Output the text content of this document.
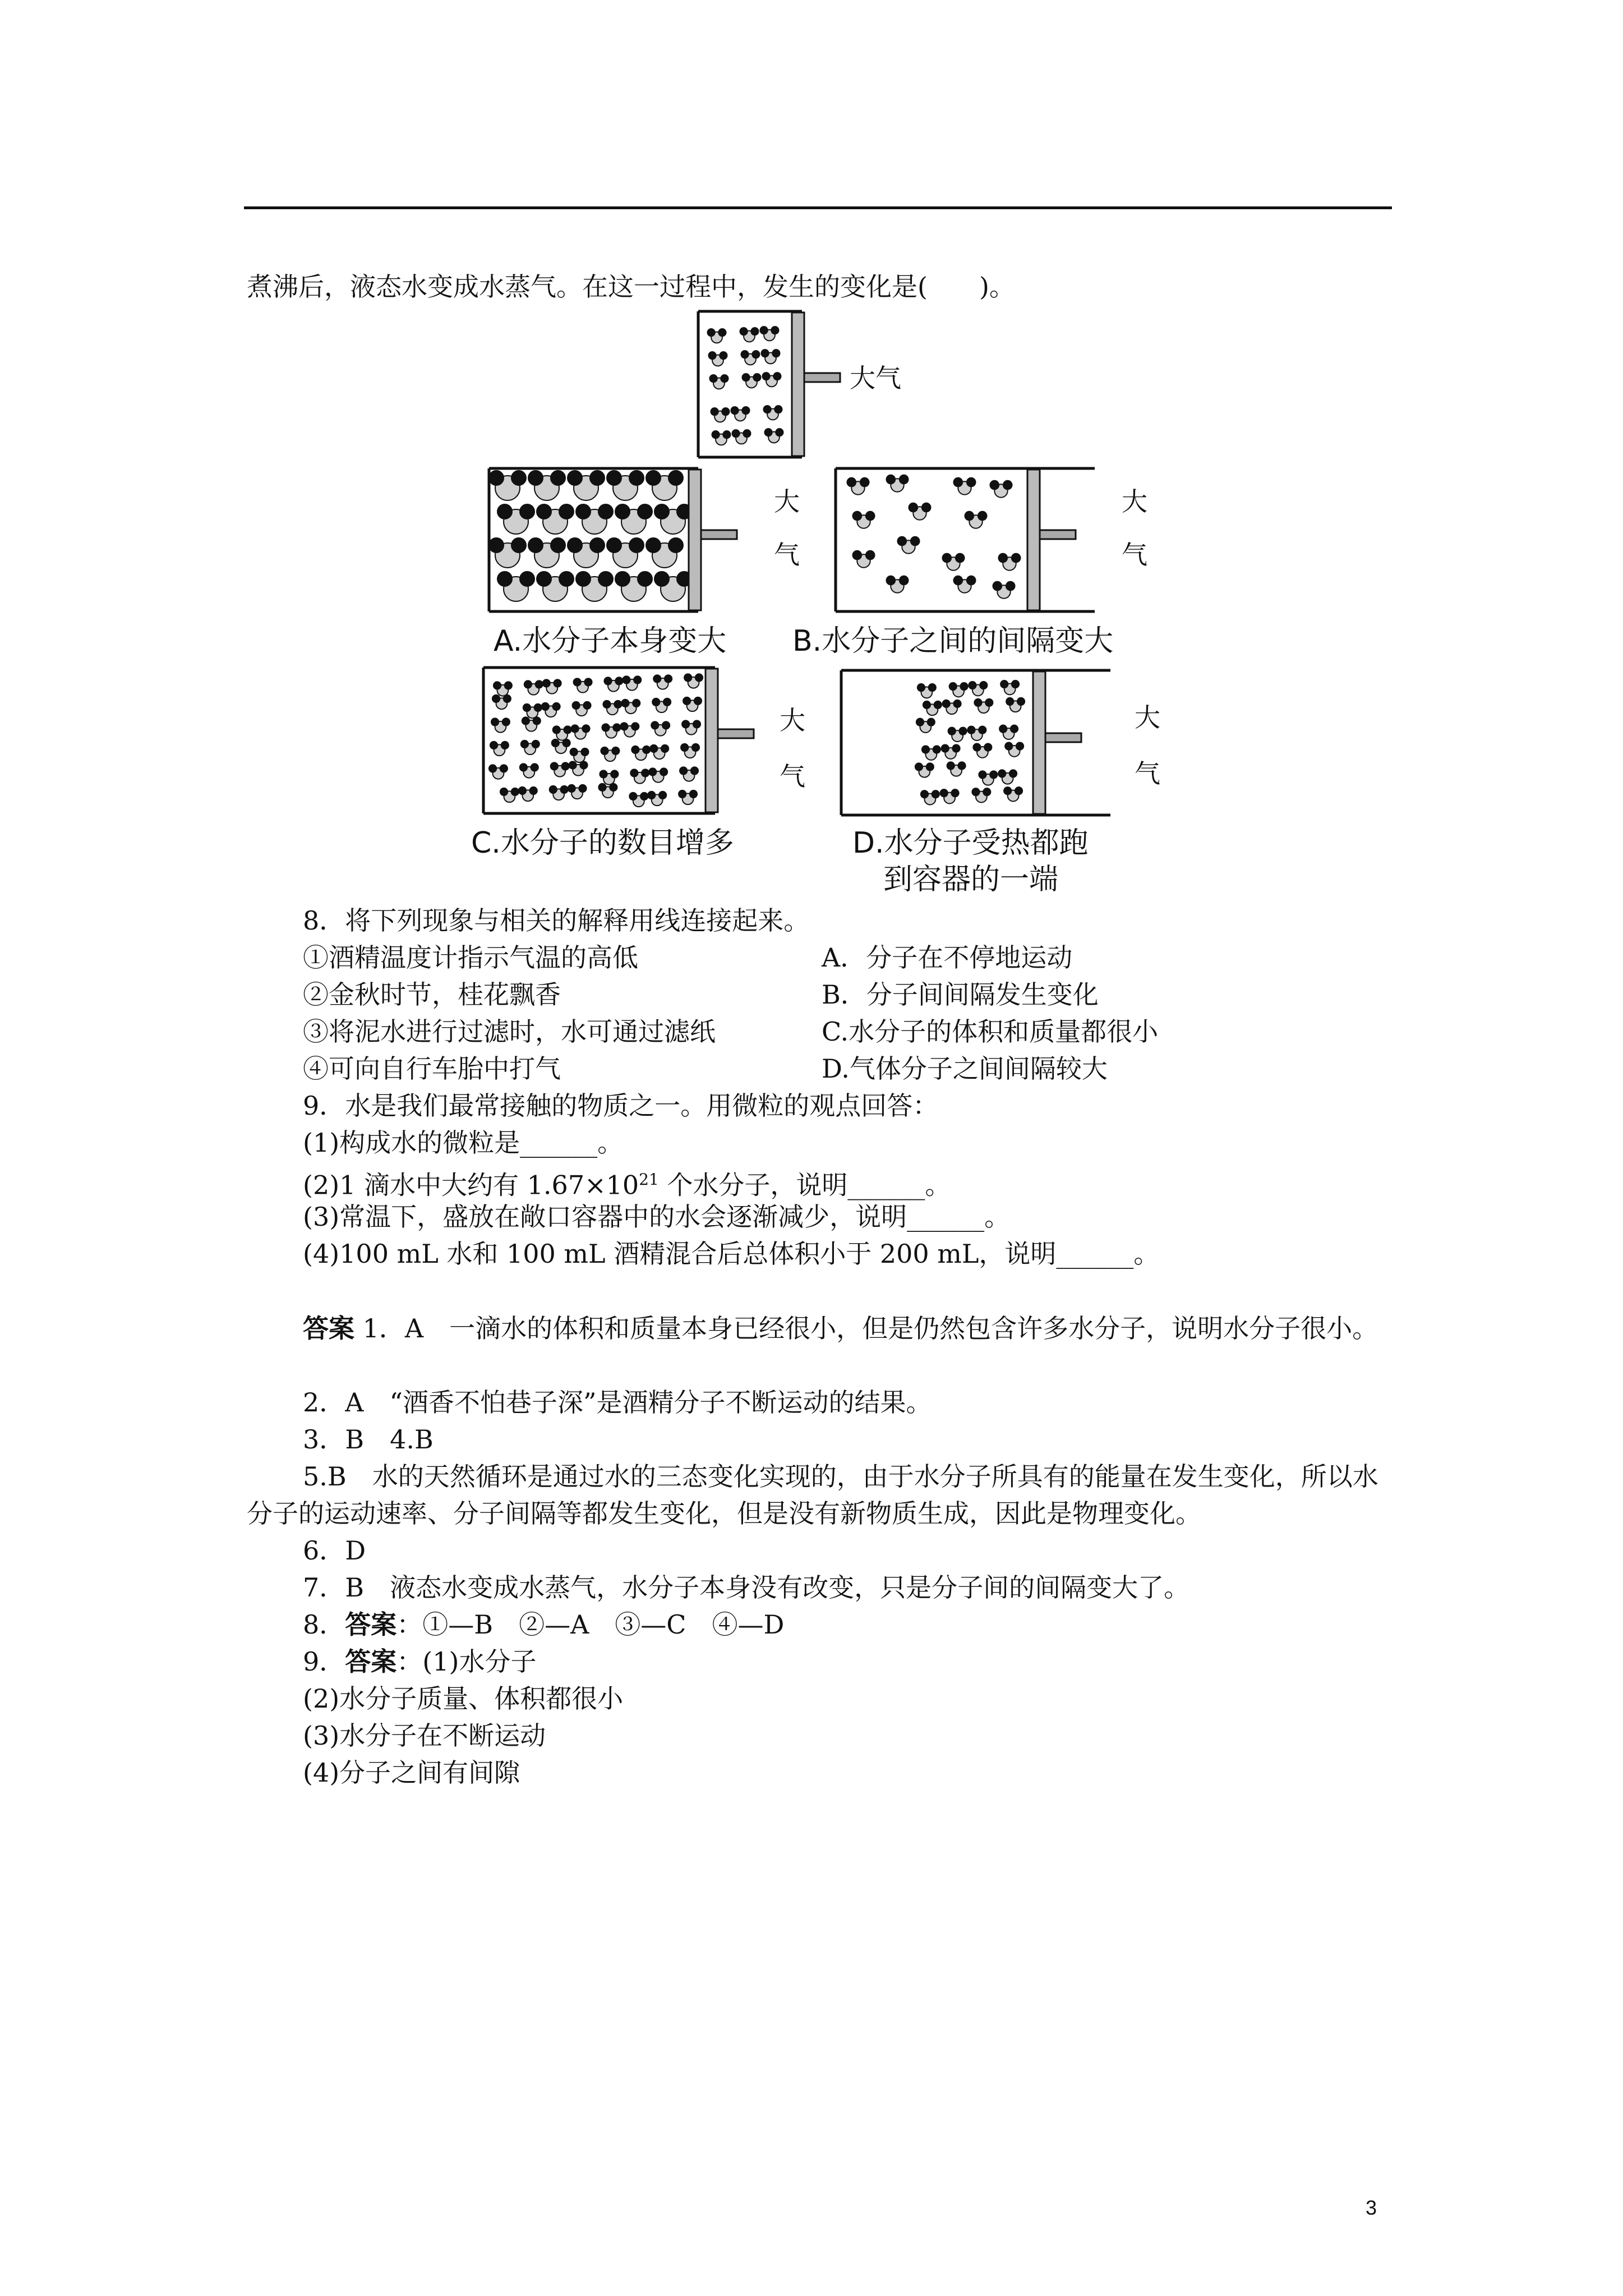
煮沸后，液态水变成水蒸气。在这一过程中，发生的变化是(　　)。
大气
大
气
A.水分子本身变大
大
气
B.水分子之间的间隔变大
大
气
C.水分子的数目增多
大
气
D.水分子受热都跑
到容器的一端
8．将下列现象与相关的解释用线连接起来。
①酒精温度计指示气温的高低
②金秋时节，桂花飘香
③将泥水进行过滤时，水可通过滤纸
④可向自行车胎中打气
A．分子在不停地运动
B．分子间间隔发生变化
C.水分子的体积和质量都很小
D.气体分子之间间隔较大
9．水是我们最常接触的物质之一。用微粒的观点回答：
(1)构成水的微粒是______。
(2)1 滴水中大约有 $1.67\times 10^{21}$ 个水分子，说明______。
(3)常温下，盛放在敞口容器中的水会逐渐减少，说明______。
(4)100 mL 水和 100 mL 酒精混合后总体积小于 200 mL，说明______。
答案 1．A　一滴水的体积和质量本身已经很小，但是仍然包含许多水分子，说明水分子很小。
2．A　“酒香不怕巷子深”是酒精分子不断运动的结果。
3．B　4.B
5.B　水的天然循环是通过水的三态变化实现的，由于水分子所具有的能量在发生变化，所以水分子的运动速率、分子间隔等都发生变化，但是没有新物质生成，因此是物理变化。
6．D
7．B　液态水变成水蒸气，水分子本身没有改变，只是分子间的间隔变大了。
8．答案：①—B　②—A　③—C　④—D
9．答案：(1)水分子
(2)水分子质量、体积都很小
(3)水分子在不断运动
(4)分子之间有间隙
3
